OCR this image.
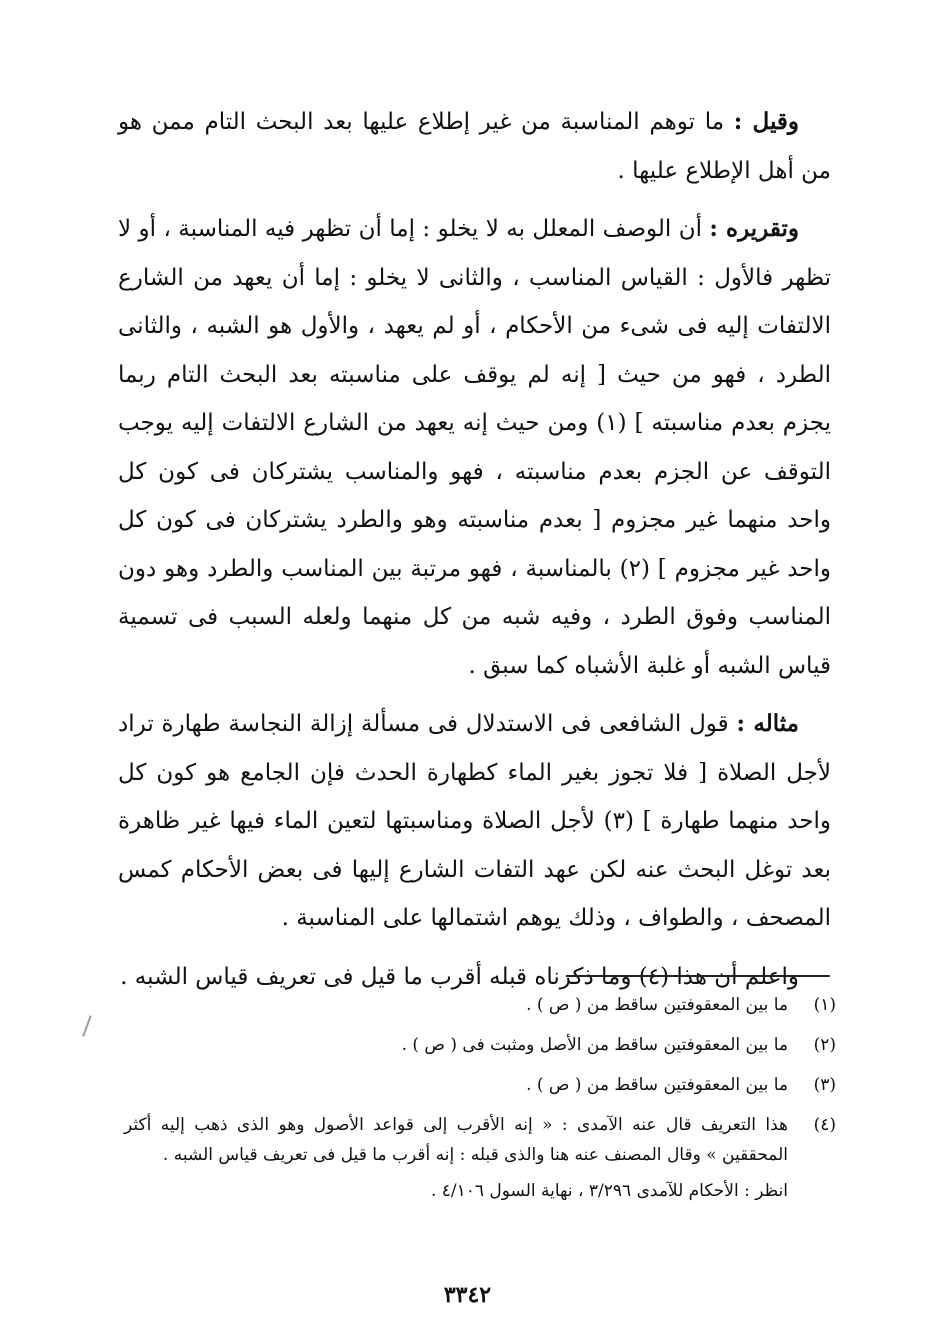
وقيل : ما توهم المناسبة من غير إطلاع عليها بعد البحث التام ممن هو من أهل الإطلاع عليها .

وتقريره : أن الوصف المعلل به لا يخلو : إما أن تظهر فيه المناسبة ، أو لا تظهر فالأول : القياس المناسب ، والثانى لا يخلو : إما أن يعهد من الشارع الالتفات إليه فى شىء من الأحكام ، أو لم يعهد ، والأول هو الشبه ، والثانى الطرد ، فهو من حيث [ إنه لم يوقف على مناسبته بعد البحث التام ربما يجزم بعدم مناسبته ] (١) ومن حيث إنه يعهد من الشارع الالتفات إليه يوجب التوقف عن الجزم بعدم مناسبته ، فهو والمناسب يشتركان فى كون كل واحد منهما غير مجزوم [ بعدم مناسبته وهو والطرد يشتركان فى كون كل واحد غير مجزوم ] (٢) بالمناسبة ، فهو مرتبة بين المناسب والطرد وهو دون المناسب وفوق الطرد ، وفيه شبه من كل منهما ولعله السبب فى تسمية قياس الشبه أو غلبة الأشباه كما سبق .

مثاله : قول الشافعى فى الاستدلال فى مسألة إزالة النجاسة طهارة تراد لأجل الصلاة [ فلا تجوز بغير الماء كطهارة الحدث فإن الجامع هو كون كل واحد منهما طهارة ] (٣) لأجل الصلاة ومناسبتها لتعين الماء فيها غير ظاهرة بعد توغل البحث عنه لكن عهد التفات الشارع إليها فى بعض الأحكام كمس المصحف ، والطواف ، وذلك يوهم اشتمالها على المناسبة .

واعلم أن هذا (٤) وما ذكرناه قبله أقرب ما قيل فى تعريف قياس الشبه .

(١)
ما بين المعقوفتين ساقط من ( ص ) .
(٢)
ما بين المعقوفتين ساقط من الأصل ومثبت فى ( ص ) .
(٣)
ما بين المعقوفتين ساقط من ( ص ) .
(٤)
هذا التعريف قال عنه الآمدى : « إنه الأقرب إلى قواعد الأصول وهو الذى ذهب إليه أكثر المحققين » وقال المصنف عنه هنا والذى قبله : إنه أقرب ما قيل فى تعريف قياس الشبه .
انظر : الأحكام للآمدى ٣/٢٩٦ ، نهاية السول ٤/١٠٦ .
٣٣٤٢
